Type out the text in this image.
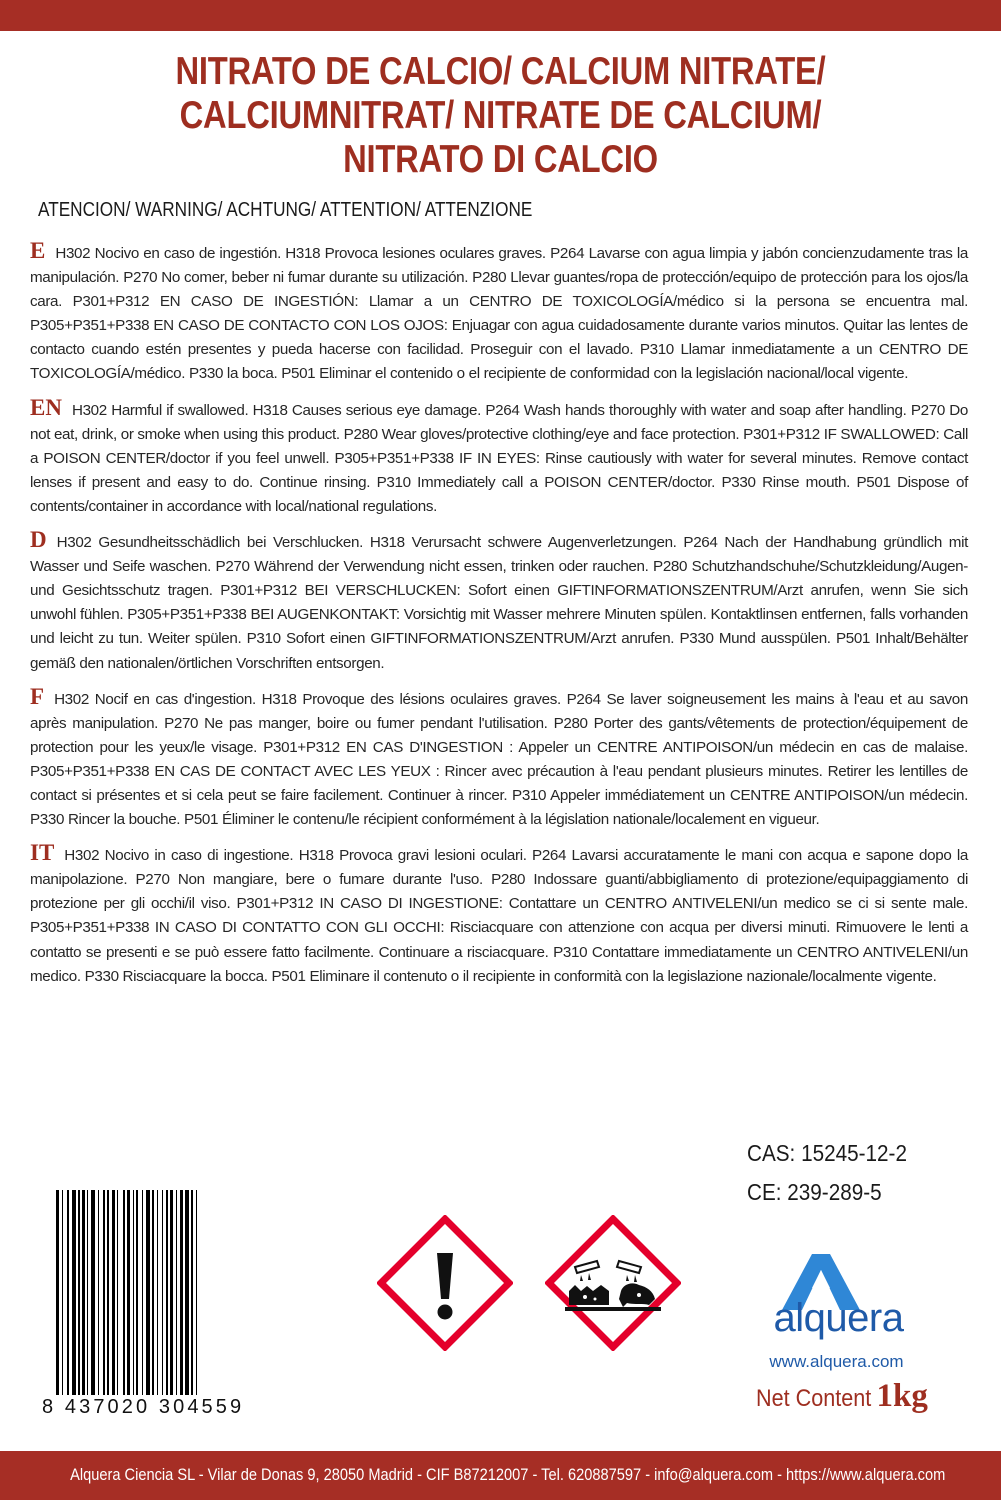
NITRATO DE CALCIO/ CALCIUM NITRATE/
CALCIUMNITRAT/ NITRATE DE CALCIUM/
NITRATO DI CALCIO

ATENCION/ WARNING/ ACHTUNG/ ATTENTION/ ATTENZIONE

E H302 Nocivo en caso de ingestión. H318 Provoca lesiones oculares graves. P264 Lavarse con agua limpia y jabón concienzudamente tras la manipulación. P270 No comer, beber ni fumar durante su utilización. P280 Llevar guantes/ropa de protección/equipo de protección para los ojos/la cara. P301+P312 EN CASO DE INGESTIÓN: Llamar a un CENTRO DE TOXICOLOGÍA/médico si la persona se encuentra mal. P305+P351+P338 EN CASO DE CONTACTO CON LOS OJOS: Enjuagar con agua cuidadosamente durante varios minutos. Quitar las lentes de contacto cuando estén presentes y pueda hacerse con facilidad. Proseguir con el lavado. P310 Llamar inmediatamente a un CENTRO DE TOXICOLOGÍA/médico. P330 la boca. P501 Eliminar el contenido o el recipiente de conformidad con la legislación nacional/local vigente.

EN H302 Harmful if swallowed. H318 Causes serious eye damage. P264 Wash hands thoroughly with water and soap after handling. P270 Do not eat, drink, or smoke when using this product. P280 Wear gloves/protective clothing/eye and face protection. P301+P312 IF SWALLOWED: Call a POISON CENTER/doctor if you feel unwell. P305+P351+P338 IF IN EYES: Rinse cautiously with water for several minutes. Remove contact lenses if present and easy to do. Continue rinsing. P310 Immediately call a POISON CENTER/doctor. P330 Rinse mouth. P501 Dispose of contents/container in accordance with local/national regulations.

D H302 Gesundheitsschädlich bei Verschlucken. H318 Verursacht schwere Augenverletzungen. P264 Nach der Handhabung gründlich mit Wasser und Seife waschen. P270 Während der Verwendung nicht essen, trinken oder rauchen. P280 Schutzhandschuhe/Schutzkleidung/Augen- und Gesichtsschutz tragen. P301+P312 BEI VERSCHLUCKEN: Sofort einen GIFTINFORMATIONSZENTRUM/Arzt anrufen, wenn Sie sich unwohl fühlen. P305+P351+P338 BEI AUGENKONTAKT: Vorsichtig mit Wasser mehrere Minuten spülen. Kontaktlinsen entfernen, falls vorhanden und leicht zu tun. Weiter spülen. P310 Sofort einen GIFTINFORMATIONSZENTRUM/Arzt anrufen. P330 Mund ausspülen. P501 Inhalt/Behälter gemäß den nationalen/örtlichen Vorschriften entsorgen.

F H302 Nocif en cas d'ingestion. H318 Provoque des lésions oculaires graves. P264 Se laver soigneusement les mains à l'eau et au savon après manipulation. P270 Ne pas manger, boire ou fumer pendant l'utilisation. P280 Porter des gants/vêtements de protection/équipement de protection pour les yeux/le visage. P301+P312 EN CAS D'INGESTION : Appeler un CENTRE ANTIPOISON/un médecin en cas de malaise. P305+P351+P338 EN CAS DE CONTACT AVEC LES YEUX : Rincer avec précaution à l'eau pendant plusieurs minutes. Retirer les lentilles de contact si présentes et si cela peut se faire facilement. Continuer à rincer. P310 Appeler immédiatement un CENTRE ANTIPOISON/un médecin. P330 Rincer la bouche. P501 Éliminer le contenu/le récipient conformément à la législation nationale/localement en vigueur.

IT H302 Nocivo in caso di ingestione. H318 Provoca gravi lesioni oculari. P264 Lavarsi accuratamente le mani con acqua e sapone dopo la manipolazione. P270 Non mangiare, bere o fumare durante l'uso. P280 Indossare guanti/abbigliamento di protezione/equipaggiamento di protezione per gli occhi/il viso. P301+P312 IN CASO DI INGESTIONE: Contattare un CENTRO ANTIVELENI/un medico se ci si sente male. P305+P351+P338 IN CASO DI CONTATTO CON GLI OCCHI: Risciacquare con attenzione con acqua per diversi minuti. Rimuovere le lenti a contatto se presenti e se può essere fatto facilmente. Continuare a risciacquare. P310 Contattare immediatamente un CENTRO ANTIVELENI/un medico. P330 Risciacquare la bocca. P501 Eliminare il contenuto o il recipiente in conformità con la legislazione nazionale/localmente vigente.

CAS: 15245-12-2
CE: 239-289-5
8 437020 304559
alquera
www.alquera.com
Net Content 1kg
Alquera Ciencia SL - Vilar de Donas 9, 28050 Madrid - CIF B87212007 - Tel. 620887597 - info@alquera.com - https://www.alquera.com
